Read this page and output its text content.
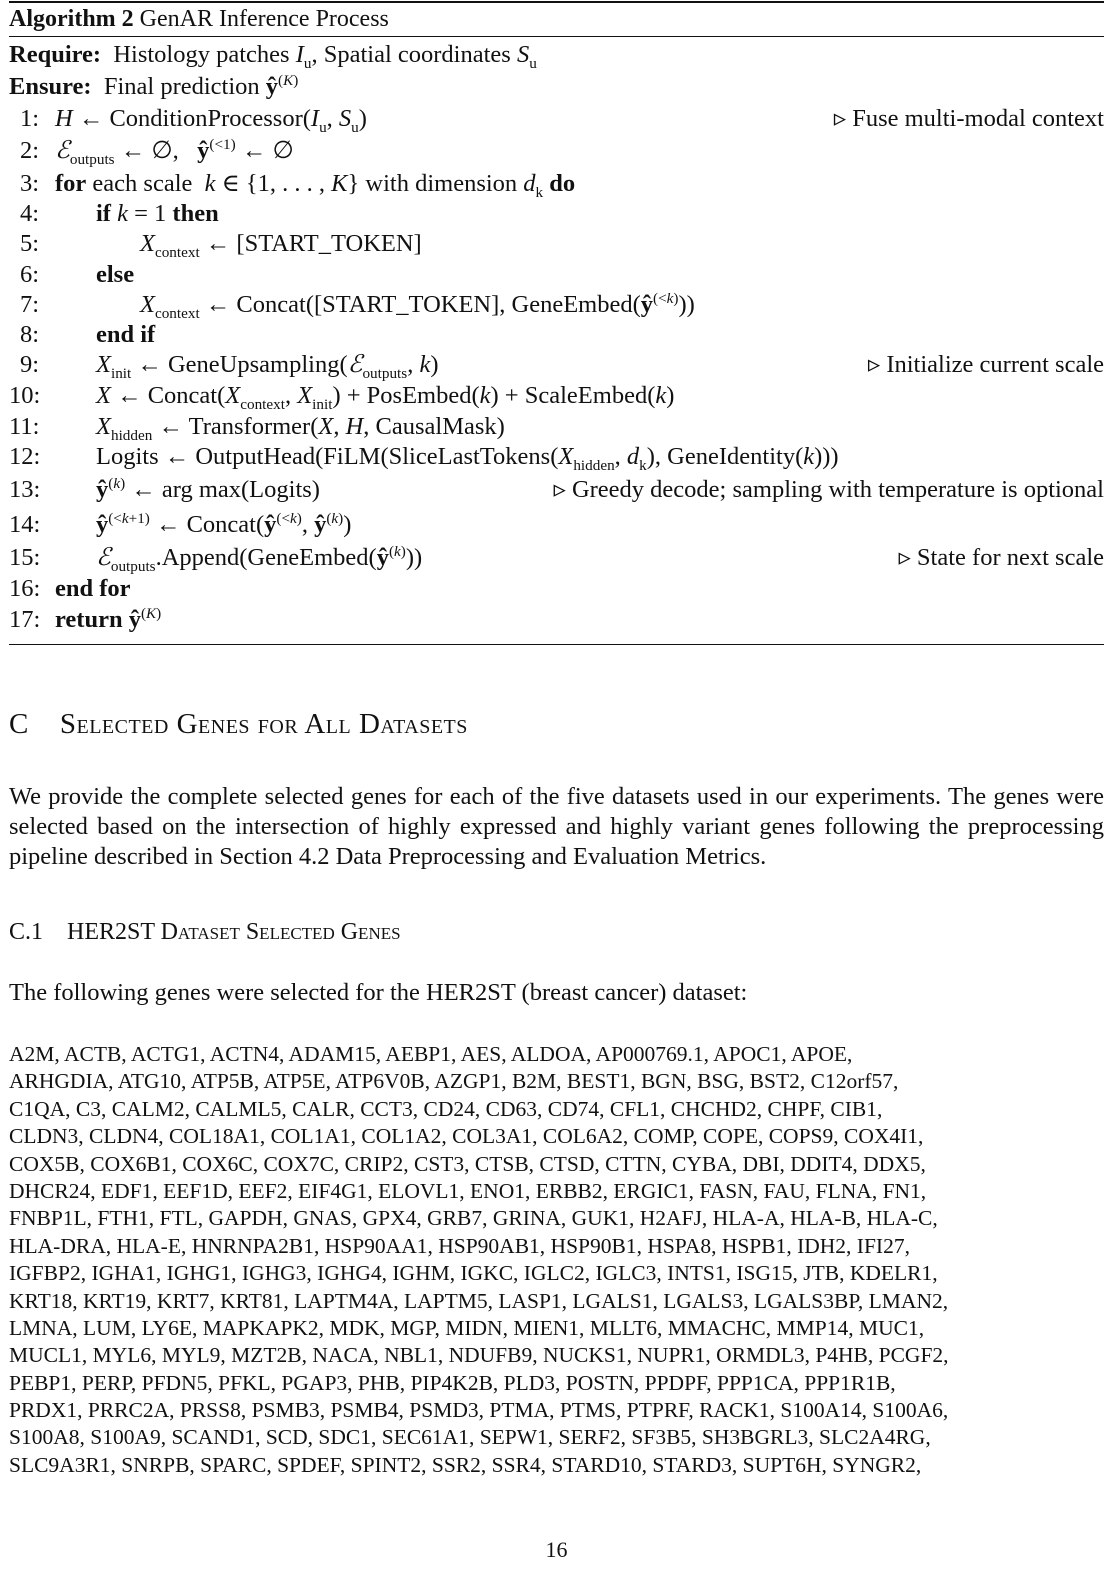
Algorithm 2 GenAR Inference Process
Require:  Histology patches $I_u$, Spatial coordinates $S_u$
Ensure:  Final prediction $ŷ^{(K)}$
1: H ← $ConditionProcessor(I_u$, $S_u$)	▹ Fuse multi-modal context
2: ℰ$_{outputs}$ ← ∅,   $ŷ^{(<1)}$ ← ∅
3: for each scale  k ∈ {1, . . . , K} with dimension $d_k$ do
4: if k = 1 then
5:	$X_{context}$ ← [START_TOKEN]
6: else
7:	$X_{context}$ ← Concat([START_TOKEN], $GeneEmbed(ŷ^{(<k)})$)
8: end if
9: $X_{init}$ ← GeneUpsampling(ℰ$_{outputs}$, k)	▹ Initialize current scale
10: X ← $Concat(X_{context}$, $X_{init}$) + PosEmbed(k) + ScaleEmbed(k)
11: $X_{hidden}$ ← Transformer(X, H, CausalMask)
12: Logits ← $OutputHead(FiLM(SliceLastTokens(X_{hidden}$, $d_k$), GeneIdentity(k)))
13: $ŷ^{(k)}$ ← arg max(Logits)	▹ Greedy decode; sampling with temperature is optional
14: $ŷ^{(<k+1)}$ ← $Concat(ŷ^{(<k)}$, $ŷ^{(k)}$)
15: $ℰ_{outputs}.Append(GeneEmbed(ŷ^{(k)}))$	▹ State for next scale
16: end for
17: return $ŷ^{(K)}$
C Selected Genes for All Datasets
We provide the complete selected genes for each of the five datasets used in our experiments. The genes were selected based on the intersection of highly expressed and highly variant genes following the preprocessing pipeline described in Section 4.2 Data Preprocessing and Evaluation Metrics.
C.1 HER2ST Dataset Selected Genes
The following genes were selected for the HER2ST (breast cancer) dataset:
A2M, ACTB, ACTG1, ACTN4, ADAM15, AEBP1, AES, ALDOA, AP000769.1, APOC1, APOE,
ARHGDIA, ATG10, ATP5B, ATP5E, ATP6V0B, AZGP1, B2M, BEST1, BGN, BSG, BST2, C12orf57,
C1QA, C3, CALM2, CALML5, CALR, CCT3, CD24, CD63, CD74, CFL1, CHCHD2, CHPF, CIB1,
CLDN3, CLDN4, COL18A1, COL1A1, COL1A2, COL3A1, COL6A2, COMP, COPE, COPS9, COX4I1,
COX5B, COX6B1, COX6C, COX7C, CRIP2, CST3, CTSB, CTSD, CTTN, CYBA, DBI, DDIT4, DDX5,
DHCR24, EDF1, EEF1D, EEF2, EIF4G1, ELOVL1, ENO1, ERBB2, ERGIC1, FASN, FAU, FLNA, FN1,
FNBP1L, FTH1, FTL, GAPDH, GNAS, GPX4, GRB7, GRINA, GUK1, H2AFJ, HLA-A, HLA-B, HLA-C,
HLA-DRA, HLA-E, HNRNPA2B1, HSP90AA1, HSP90AB1, HSP90B1, HSPA8, HSPB1, IDH2, IFI27,
IGFBP2, IGHA1, IGHG1, IGHG3, IGHG4, IGHM, IGKC, IGLC2, IGLC3, INTS1, ISG15, JTB, KDELR1,
KRT18, KRT19, KRT7, KRT81, LAPTM4A, LAPTM5, LASP1, LGALS1, LGALS3, LGALS3BP, LMAN2,
LMNA, LUM, LY6E, MAPKAPK2, MDK, MGP, MIDN, MIEN1, MLLT6, MMACHC, MMP14, MUC1,
MUCL1, MYL6, MYL9, MZT2B, NACA, NBL1, NDUFB9, NUCKS1, NUPR1, ORMDL3, P4HB, PCGF2,
PEBP1, PERP, PFDN5, PFKL, PGAP3, PHB, PIP4K2B, PLD3, POSTN, PPDPF, PPP1CA, PPP1R1B,
PRDX1, PRRC2A, PRSS8, PSMB3, PSMB4, PSMD3, PTMA, PTMS, PTPRF, RACK1, S100A14, S100A6,
S100A8, S100A9, SCAND1, SCD, SDC1, SEC61A1, SEPW1, SERF2, SF3B5, SH3BGRL3, SLC2A4RG,
SLC9A3R1, SNRPB, SPARC, SPDEF, SPINT2, SSR2, SSR4, STARD10, STARD3, SUPT6H, SYNGR2,
16
